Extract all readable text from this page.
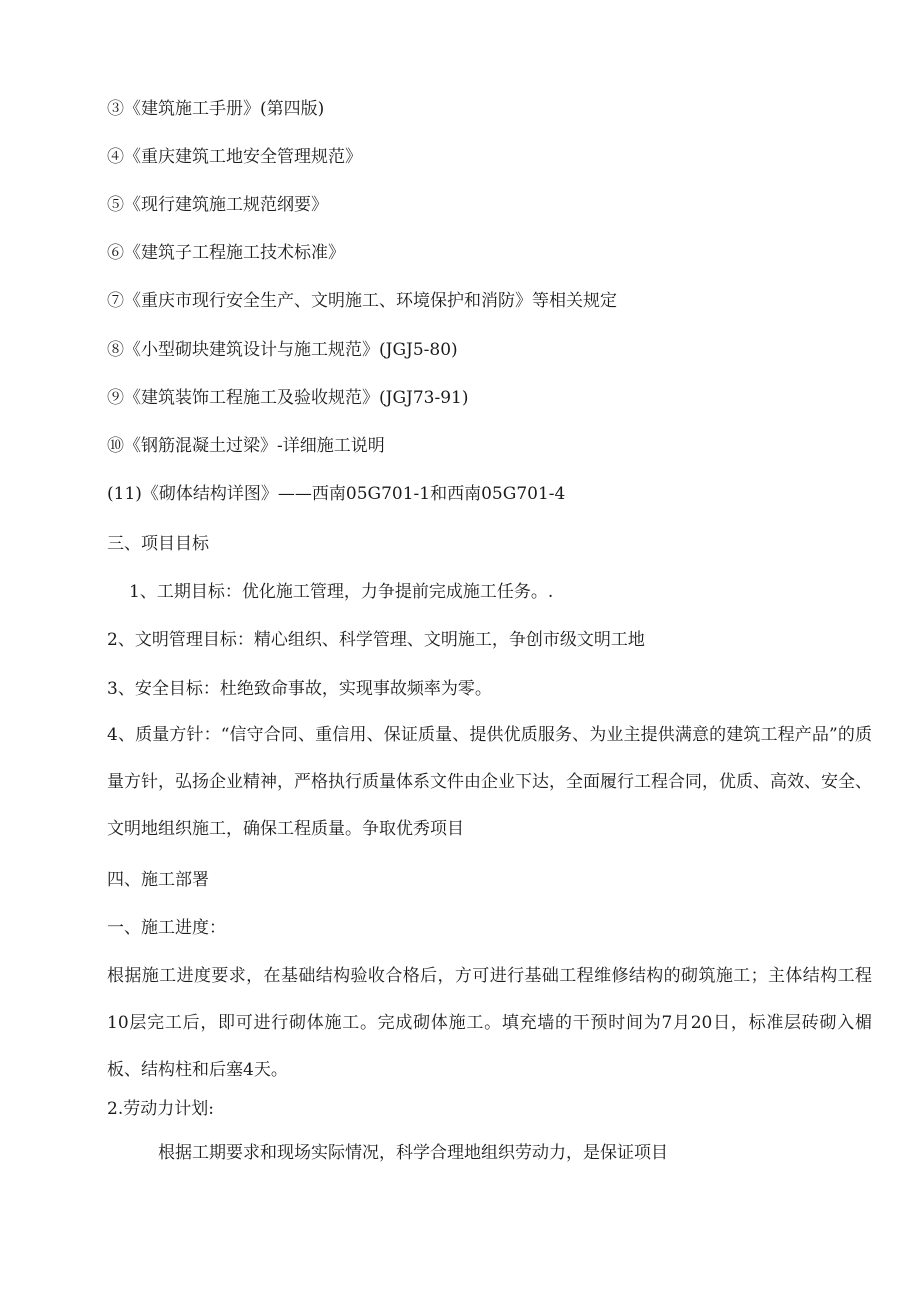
③《建筑施工手册》(第四版)

④《重庆建筑工地安全管理规范》

⑤《现行建筑施工规范纲要》

⑥《建筑子工程施工技术标准》

⑦《重庆市现行安全生产、文明施工、环境保护和消防》等相关规定

⑧《小型砌块建筑设计与施工规范》(JGJ5-80)

⑨《建筑装饰工程施工及验收规范》(JGJ73-91)

⑩《钢筋混凝土过梁》-详细施工说明

(11)《砌体结构详图》——西南05G701-1和西南05G701-4

三、项目目标

1、工期目标：优化施工管理，力争提前完成施工任务。.

2、文明管理目标：精心组织、科学管理、文明施工，争创市级文明工地

3、安全目标：杜绝致命事故，实现事故频率为零。

4、质量方针：“信守合同、重信用、保证质量、提供优质服务、为业主提供满意的建筑工程产品”的质量方针，弘扬企业精神，严格执行质量体系文件由企业下达，全面履行工程合同，优质、高效、安全、文明地组织施工，确保工程质量。争取优秀项目

四、施工部署

一、施工进度：

根据施工进度要求，在基础结构验收合格后，方可进行基础工程维修结构的砌筑施工；主体结构工程10层完工后，即可进行砌体施工。完成砌体施工。填充墙的干预时间为7月20日，标准层砖砌入楣板、结构柱和后塞4天。

2.劳动力计划:

根据工期要求和现场实际情况，科学合理地组织劳动力，是保证项目
